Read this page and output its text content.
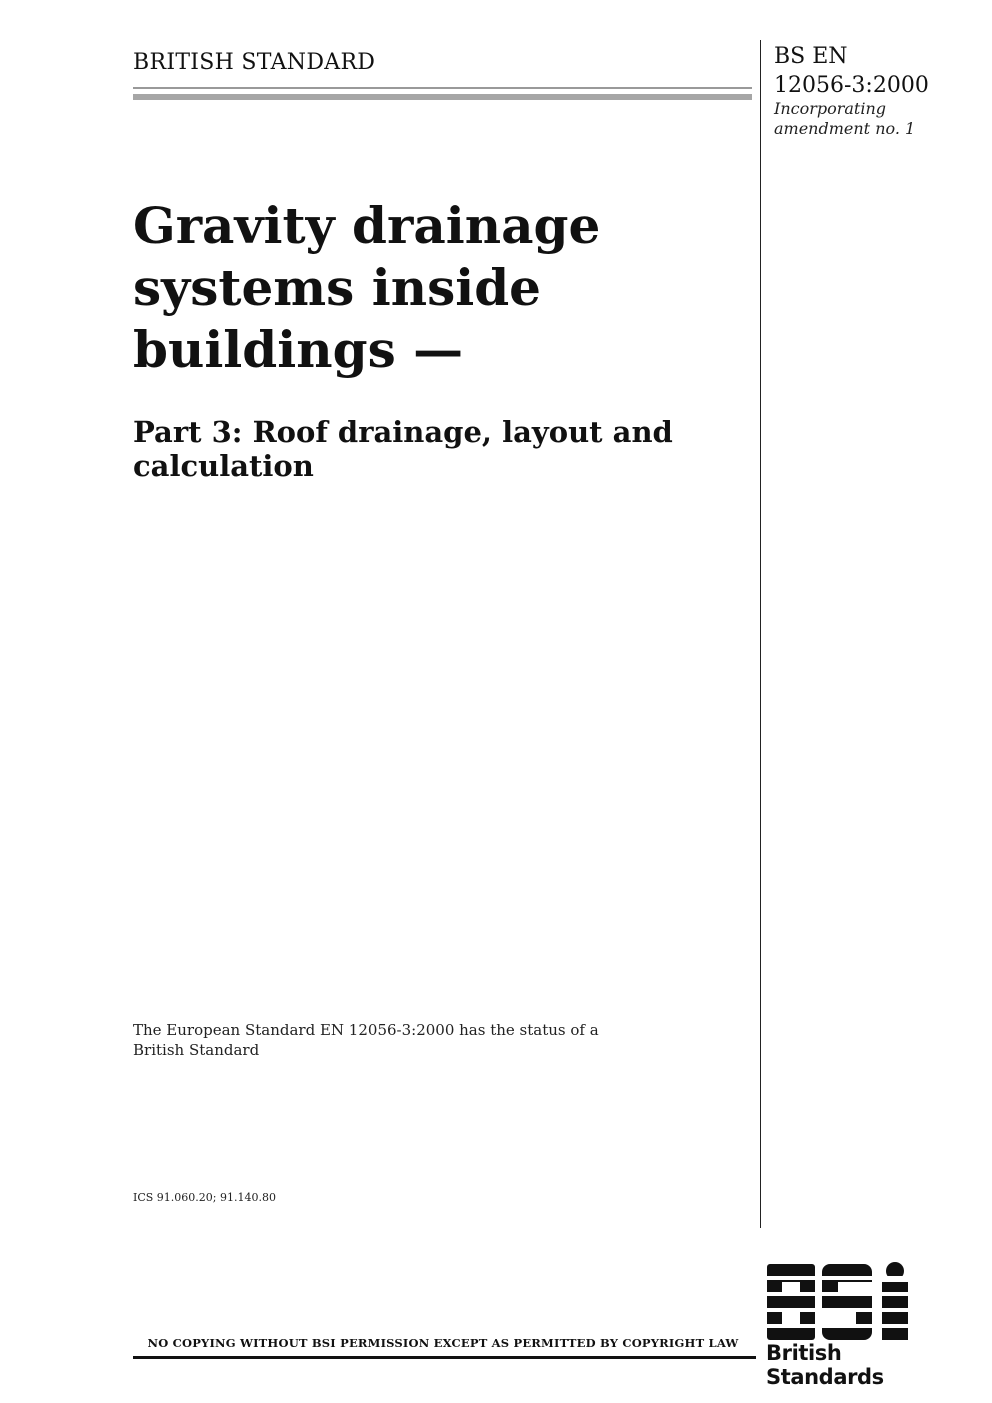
BRITISH STANDARD	BS EN
12056-3:2000
Incorporating
amendment no. 1
Gravity drainage
systems inside
buildings —
Part 3: Roof drainage, layout and
calculation
The European Standard EN 12056-3:2000 has the status of a
British Standard
ICS 91.060.20; 91.140.80
NO COPYING WITHOUT BSI PERMISSION EXCEPT AS PERMITTED BY COPYRIGHT LAW	British Standards
